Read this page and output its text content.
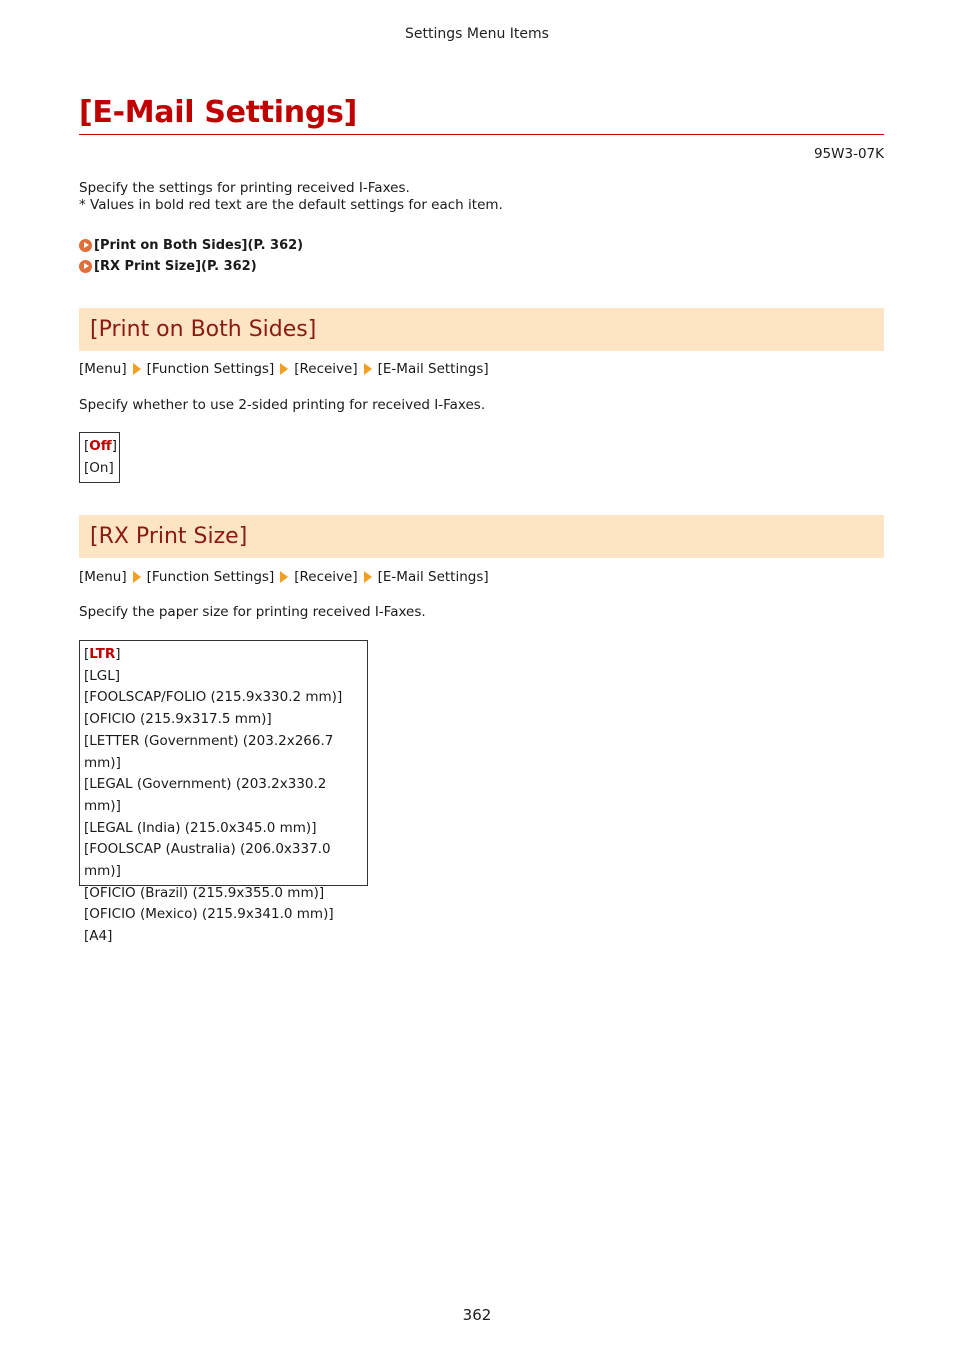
Settings Menu Items
[E-Mail Settings]
95W3-07K
Specify the settings for printing received I-Faxes.
* Values in bold red text are the default settings for each item.
[Print on Both Sides](P. 362)
[RX Print Size](P. 362)
[Print on Both Sides]
[Menu] [Function Settings] [Receive] [E-Mail Settings]
Specify whether to use 2-sided printing for received I-Faxes.
[Off]
[On]
[RX Print Size]
[Menu] [Function Settings] [Receive] [E-Mail Settings]
Specify the paper size for printing received I-Faxes.
[LTR]
[LGL]
[FOOLSCAP/FOLIO (215.9x330.2 mm)]
[OFICIO (215.9x317.5 mm)]
[LETTER (Government) (203.2x266.7 mm)]
[LEGAL (Government) (203.2x330.2 mm)]
[LEGAL (India) (215.0x345.0 mm)]
[FOOLSCAP (Australia) (206.0x337.0 mm)]
[OFICIO (Brazil) (215.9x355.0 mm)]
[OFICIO (Mexico) (215.9x341.0 mm)]
[A4]
362
